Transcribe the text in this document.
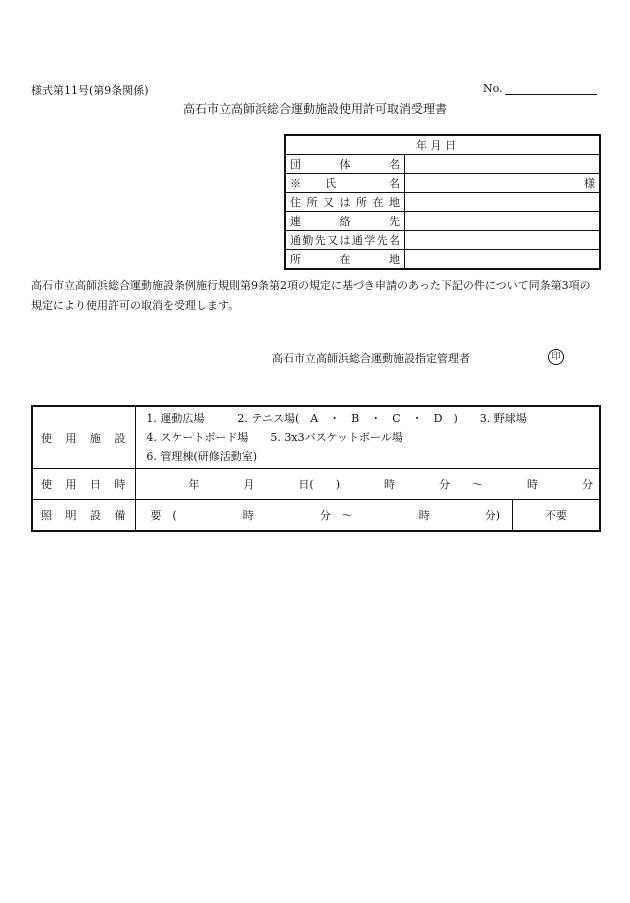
様式第11号(第9条関係)	No.
高石市立高師浜総合運動施設使用許可取消受理書
年 月 日	
団　体　名	
※ 氏　　名	様
住所又は所在地	
連　絡　先	
通勤先又は通学先名	
所　在　地	
高石市立高師浜総合運動施設条例施行規則第9条第2項の規定に基づき申請のあった下記の件について同条第3項の規定により使用許可の取消を受理します。
高石市立高師浜総合運動施設指定管理者	印
使用施設	1. 運動広場　　　2. テニス場(　A　・　B　・　C　・　D　)　　3. 野球場
4. スケートボード場　　5. 3x3バスケットボール場
6. 管理棟(研修活動室)	

使用日時	年　　　　月　　　　日(　　)　　　　時　　　　分　　～　　　　時　　　　分	
照明設備	要　(　　　　　　時　　　　　　分　～　　　　　　時　　　　　分)	不要
